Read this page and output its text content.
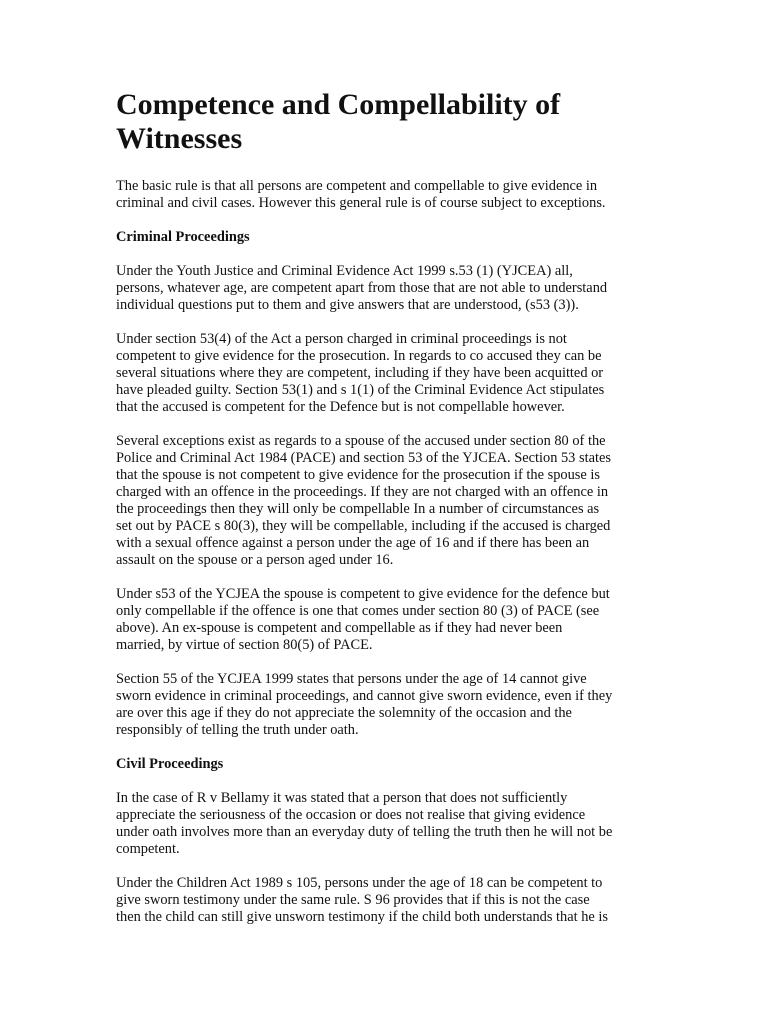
Competence and Compellability of
Witnesses

The basic rule is that all persons are competent and compellable to give evidence in
criminal and civil cases. However this general rule is of course subject to exceptions.

Criminal Proceedings

Under the Youth Justice and Criminal Evidence Act 1999 s.53 (1) (YJCEA) all,
persons, whatever age, are competent apart from those that are not able to understand
individual questions put to them and give answers that are understood, (s53 (3)).

Under section 53(4) of the Act a person charged in criminal proceedings is not
competent to give evidence for the prosecution. In regards to co accused they can be
several situations where they are competent, including if they have been acquitted or
have pleaded guilty. Section 53(1) and s 1(1) of the Criminal Evidence Act stipulates
that the accused is competent for the Defence but is not compellable however.

Several exceptions exist as regards to a spouse of the accused under section 80 of the
Police and Criminal Act 1984 (PACE) and section 53 of the YJCEA. Section 53 states
that the spouse is not competent to give evidence for the prosecution if the spouse is
charged with an offence in the proceedings. If they are not charged with an offence in
the proceedings then they will only be compellable In a number of circumstances as
set out by PACE s 80(3), they will be compellable, including if the accused is charged
with a sexual offence against a person under the age of 16 and if there has been an
assault on the spouse or a person aged under 16.

Under s53 of the YCJEA the spouse is competent to give evidence for the defence but
only compellable if the offence is one that comes under section 80 (3) of PACE (see
above). An ex-spouse is competent and compellable as if they had never been
married, by virtue of section 80(5) of PACE.

Section 55 of the YCJEA 1999 states that persons under the age of 14 cannot give
sworn evidence in criminal proceedings, and cannot give sworn evidence, even if they
are over this age if they do not appreciate the solemnity of the occasion and the
responsibly of telling the truth under oath.

Civil Proceedings

In the case of R v Bellamy it was stated that a person that does not sufficiently
appreciate the seriousness of the occasion or does not realise that giving evidence
under oath involves more than an everyday duty of telling the truth then he will not be
competent.

Under the Children Act 1989 s 105, persons under the age of 18 can be competent to
give sworn testimony under the same rule. S 96 provides that if this is not the case
then the child can still give unsworn testimony if the child both understands that he is
